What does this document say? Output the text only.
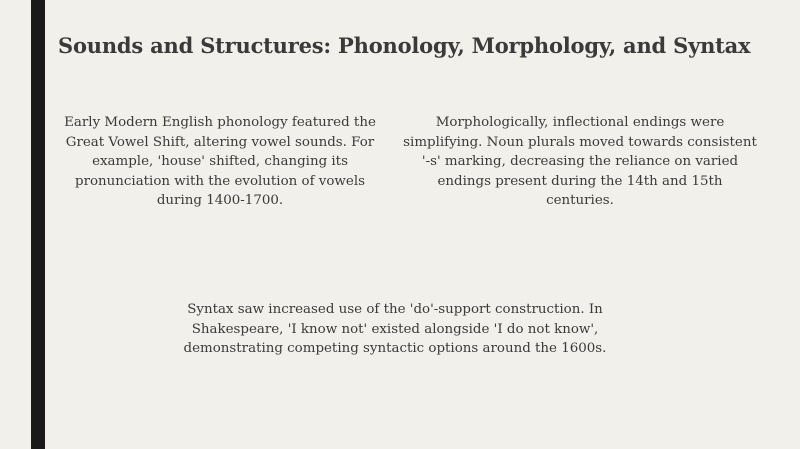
Sounds and Structures: Phonology, Morphology, and Syntax
Early Modern English phonology featured the Great Vowel Shift, altering vowel sounds. For example, 'house' shifted, changing its pronunciation with the evolution of vowels during 1400-1700.
Morphologically, inflectional endings were simplifying. Noun plurals moved towards consistent '-s' marking, decreasing the reliance on varied endings present during the 14th and 15th centuries.
Syntax saw increased use of the 'do'-support construction. In Shakespeare, 'I know not' existed alongside 'I do not know', demonstrating competing syntactic options around the 1600s.
